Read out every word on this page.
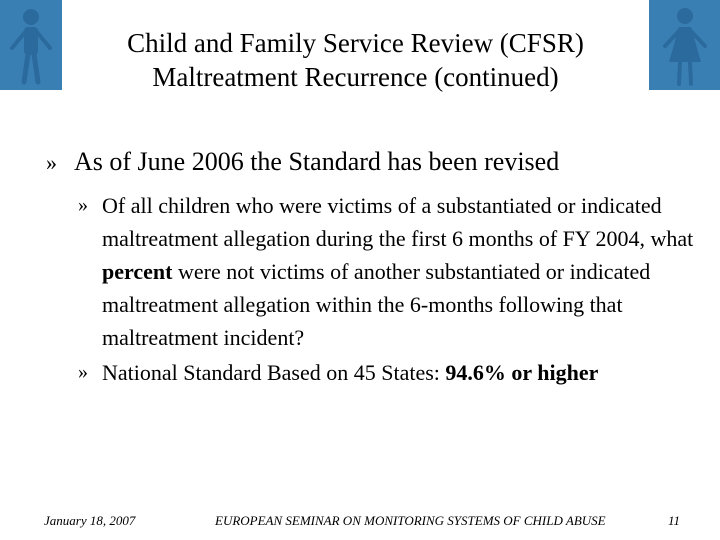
Child and Family Service Review (CFSR)
Maltreatment Recurrence (continued)
» As of June 2006 the Standard has been revised
» Of all children who were victims of a substantiated or indicated maltreatment allegation during the first 6 months of FY 2004, what percent were not victims of another substantiated or indicated maltreatment allegation within the 6-months following that maltreatment incident?
» National Standard Based on 45 States: 94.6% or higher
January 18, 2007	EUROPEAN SEMINAR ON MONITORING SYSTEMS OF CHILD ABUSE	11
